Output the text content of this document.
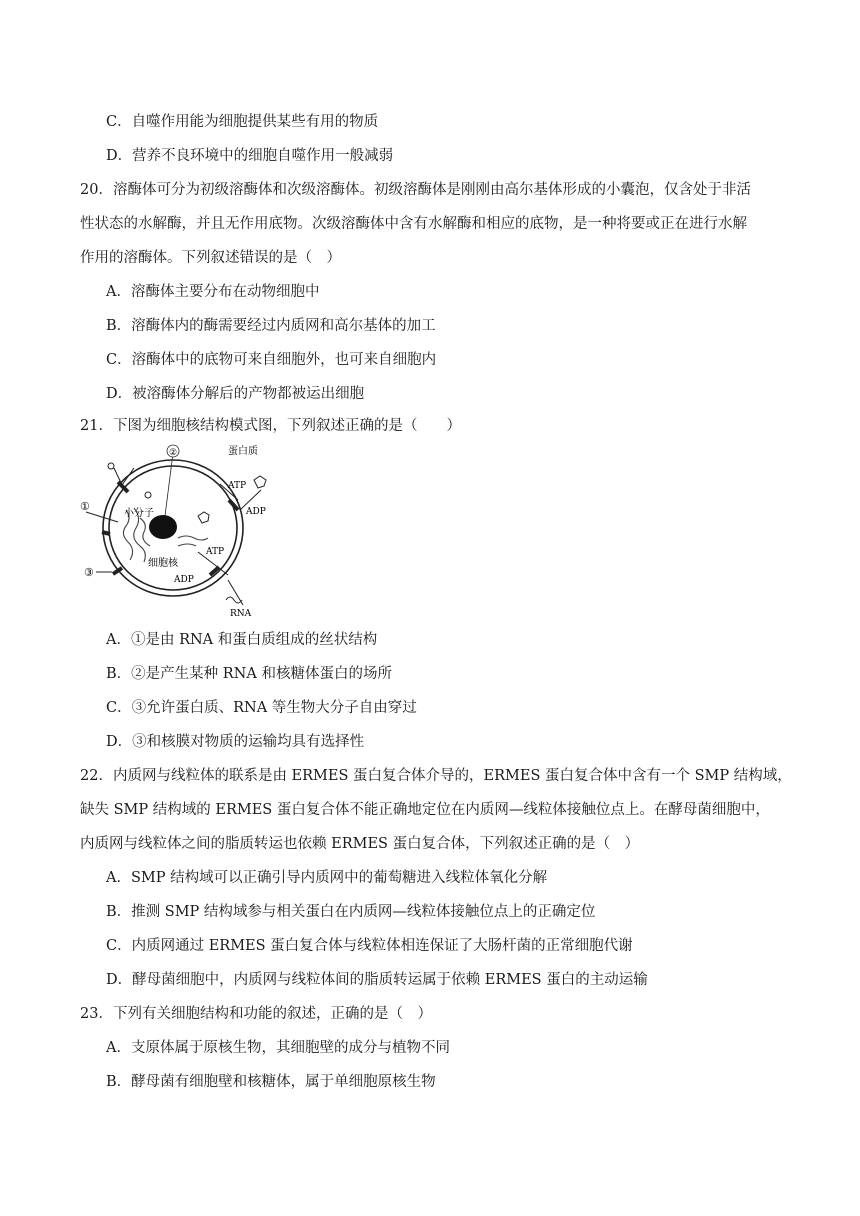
C．自噬作用能为细胞提供某些有用的物质
D．营养不良环境中的细胞自噬作用一般减弱
20．溶酶体可分为初级溶酶体和次级溶酶体。初级溶酶体是刚刚由高尔基体形成的小囊泡，仅含处于非活
性状态的水解酶，并且无作用底物。次级溶酶体中含有水解酶和相应的底物，是一种将要或正在进行水解
作用的溶酶体。下列叙述错误的是（　）
A．溶酶体主要分布在动物细胞中
B．溶酶体内的酶需要经过内质网和高尔基体的加工
C．溶酶体中的底物可来自细胞外，也可来自细胞内
D．被溶酶体分解后的产物都被运出细胞
21．下图为细胞核结构模式图，下列叙述正确的是（　　）
②	蛋白质
ATP
ADP
①
小分子
细胞核
ATP
ADP
③
RNA
A．①是由 RNA 和蛋白质组成的丝状结构
B．②是产生某种 RNA 和核糖体蛋白的场所
C．③允许蛋白质、RNA 等生物大分子自由穿过
D．③和核膜对物质的运输均具有选择性
22．内质网与线粒体的联系是由 ERMES 蛋白复合体介导的，ERMES 蛋白复合体中含有一个 SMP 结构域，
缺失 SMP 结构域的 ERMES 蛋白复合体不能正确地定位在内质网—线粒体接触位点上。在酵母菌细胞中，
内质网与线粒体之间的脂质转运也依赖 ERMES 蛋白复合体，下列叙述正确的是（　）
A．SMP 结构域可以正确引导内质网中的葡萄糖进入线粒体氧化分解
B．推测 SMP 结构域参与相关蛋白在内质网—线粒体接触位点上的正确定位
C．内质网通过 ERMES 蛋白复合体与线粒体相连保证了大肠杆菌的正常细胞代谢
D．酵母菌细胞中，内质网与线粒体间的脂质转运属于依赖 ERMES 蛋白的主动运输
23．下列有关细胞结构和功能的叙述，正确的是（　）
A．支原体属于原核生物，其细胞壁的成分与植物不同
B．酵母菌有细胞壁和核糖体，属于单细胞原核生物
